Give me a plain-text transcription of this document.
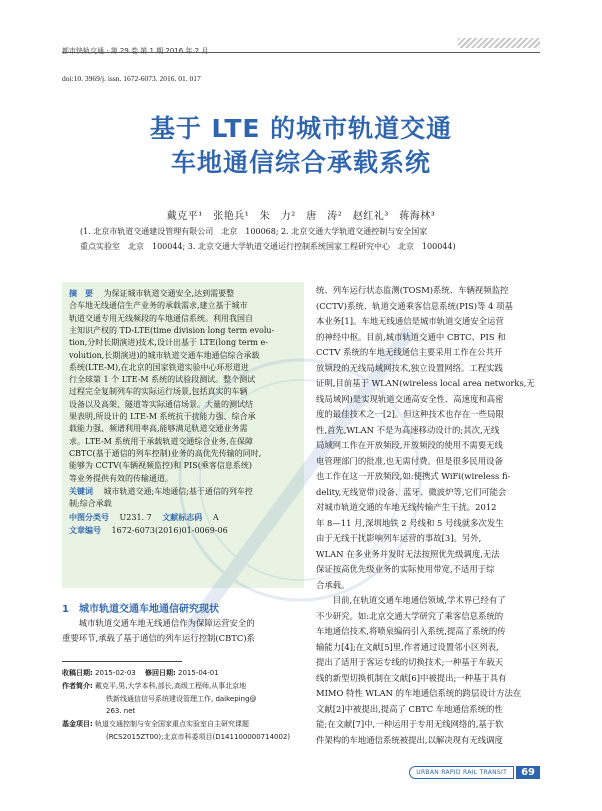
都市快轨交通 · 第 29 卷 第 1 期 2016 年 2 月
doi:10. 3969/j. issn. 1672-6073. 2016. 01. 017
基于 LTE 的城市轨道交通
车地通信综合承载系统
戴克平¹　张艳兵¹　朱　力²　唐　涛²　赵红礼³　蒋海林³
(1. 北京市轨道交通建设管理有限公司　北京　100068; 2. 北京交通大学轨道交通控制与安全国家
重点实验室　北京　100044; 3. 北京交通大学轨道交通运行控制系统国家工程研究中心　北京　100044)
摘　要 　 为保证城市轨道交通安全,达到需要整
合车地无线通信生产业务的承载需求,建立基于城市
轨道交通专用无线频段的车地通信系统。利用我国自
主知识产权的 TD-LTE(time division long term evolu-
tion,分时长期演进)技术,设计出基于 LTE(long term e-
volution,长期演进)的城市轨道交通车地通信综合承载
系统(LTE-M),在北京的国家铁道实验中心环形道进
行全球第 1 个 LTE-M 系统的试验段测试。整个测试
过程完全复制列车的实际运行场景,包括真实的车辆
设备以及高架、隧道等实际通信场景。大量的测试结
果表明,所设计的 LTE-M 系统抗干扰能力强、综合承
载能力强、频谱利用率高,能够满足轨道交通业务需
求。LTE-M 系统用于承载轨道交通综合业务,在保障
CBTC(基于通信的列车控制)业务的高优先传输的同时,
能够为 CCTV(车辆视频监控)和 PIS(乘客信息系统)
等业务提供有效的传输通道。
关键词 　 城市轨道交通;车地通信;基于通信的列车控
制;综合承载
中图分类号 　 U231. 7 　 文献标志码 　 A
文章编号 　 1672-6073(2016)01-0069-06
1　城市轨道交通车地通信研究现状
　　城市轨道交通车地无线通信作为保障运营安全的
重要环节,承载了基于通信的列车运行控制(CBTC)系
收稿日期: 2015-02-03 　 修回日期: 2015-04-01
作者简介: 戴克平,男,大学本科,部长,高级工程师,从事北京地
铁新线通信信号系统建设管理工作, daikeping@
263. net
基金项目: 轨道交通控制与安全国家重点实验室自主研究课题
(RCS2015ZT00);北京市科委项目(D141100000714002)
统、列车运行状态监测(TOSM)系统、车辆视频监控
(CCTV)系统、轨道交通乘客信息系统(PIS)等 4 项基
本业务[1]。车地无线通信是城市轨道交通安全运营
的神经中枢。目前,城市轨道交通中 CBTC、PIS 和
CCTV 系统的车地无线通信主要采用工作在公共开
放频段的无线局域网技术,独立设置网络。工程实践
证明,目前基于 WLAN(wireless local area networks,无
线局域网)是实现轨道交通高安全性、高速度和高密
度的最佳技术之一[2]。但这种技术也存在一些局限
性,首先,WLAN 不是为高速移动设计的;其次,无线
局域网工作在开放频段,开放频段的使用不需要无线
电管理部门的批准,也无需付费。但是很多民用设备
也工作在这一开放频段,如:便携式 WiFi(wireless fi-
delity,无线宽带)设备、蓝牙、微波炉等,它们可能会
对城市轨道交通的车地无线传输产生干扰。2012
年 8—11 月,深圳地铁 2 号线和 5 号线就多次发生
由于无线干扰影响列车运营的事故[3]。另外,
WLAN 在多业务并发时无法按照优先级调度,无法
保证按高优先级业务的实际使用带宽,不适用于综
合承载。
　　目前,在轨道交通车地通信领域,学术界已经有了
不少研究。如:北京交通大学研究了乘客信息系统的
车地通信技术,将喷泉编码引入系统,提高了系统的传
输能力[4];在文献[5]里,作者通过设置邻小区列表,
提出了适用于客运专线的切换技术;一种基于车载天
线的新型切换机制在文献[6]中被提出;一种基于具有
MIMO 特性 WLAN 的车地通信系统的跨层设计方法在
文献[2]中被提出,提高了 CBTC 车地通信系统的性
能;在文献[7]中,一种运用于专用无线网络的,基于软
件架构的车地通信系统被提出,以解决现有无线调度
URBAN RAPID RAIL TRANSIT	69
